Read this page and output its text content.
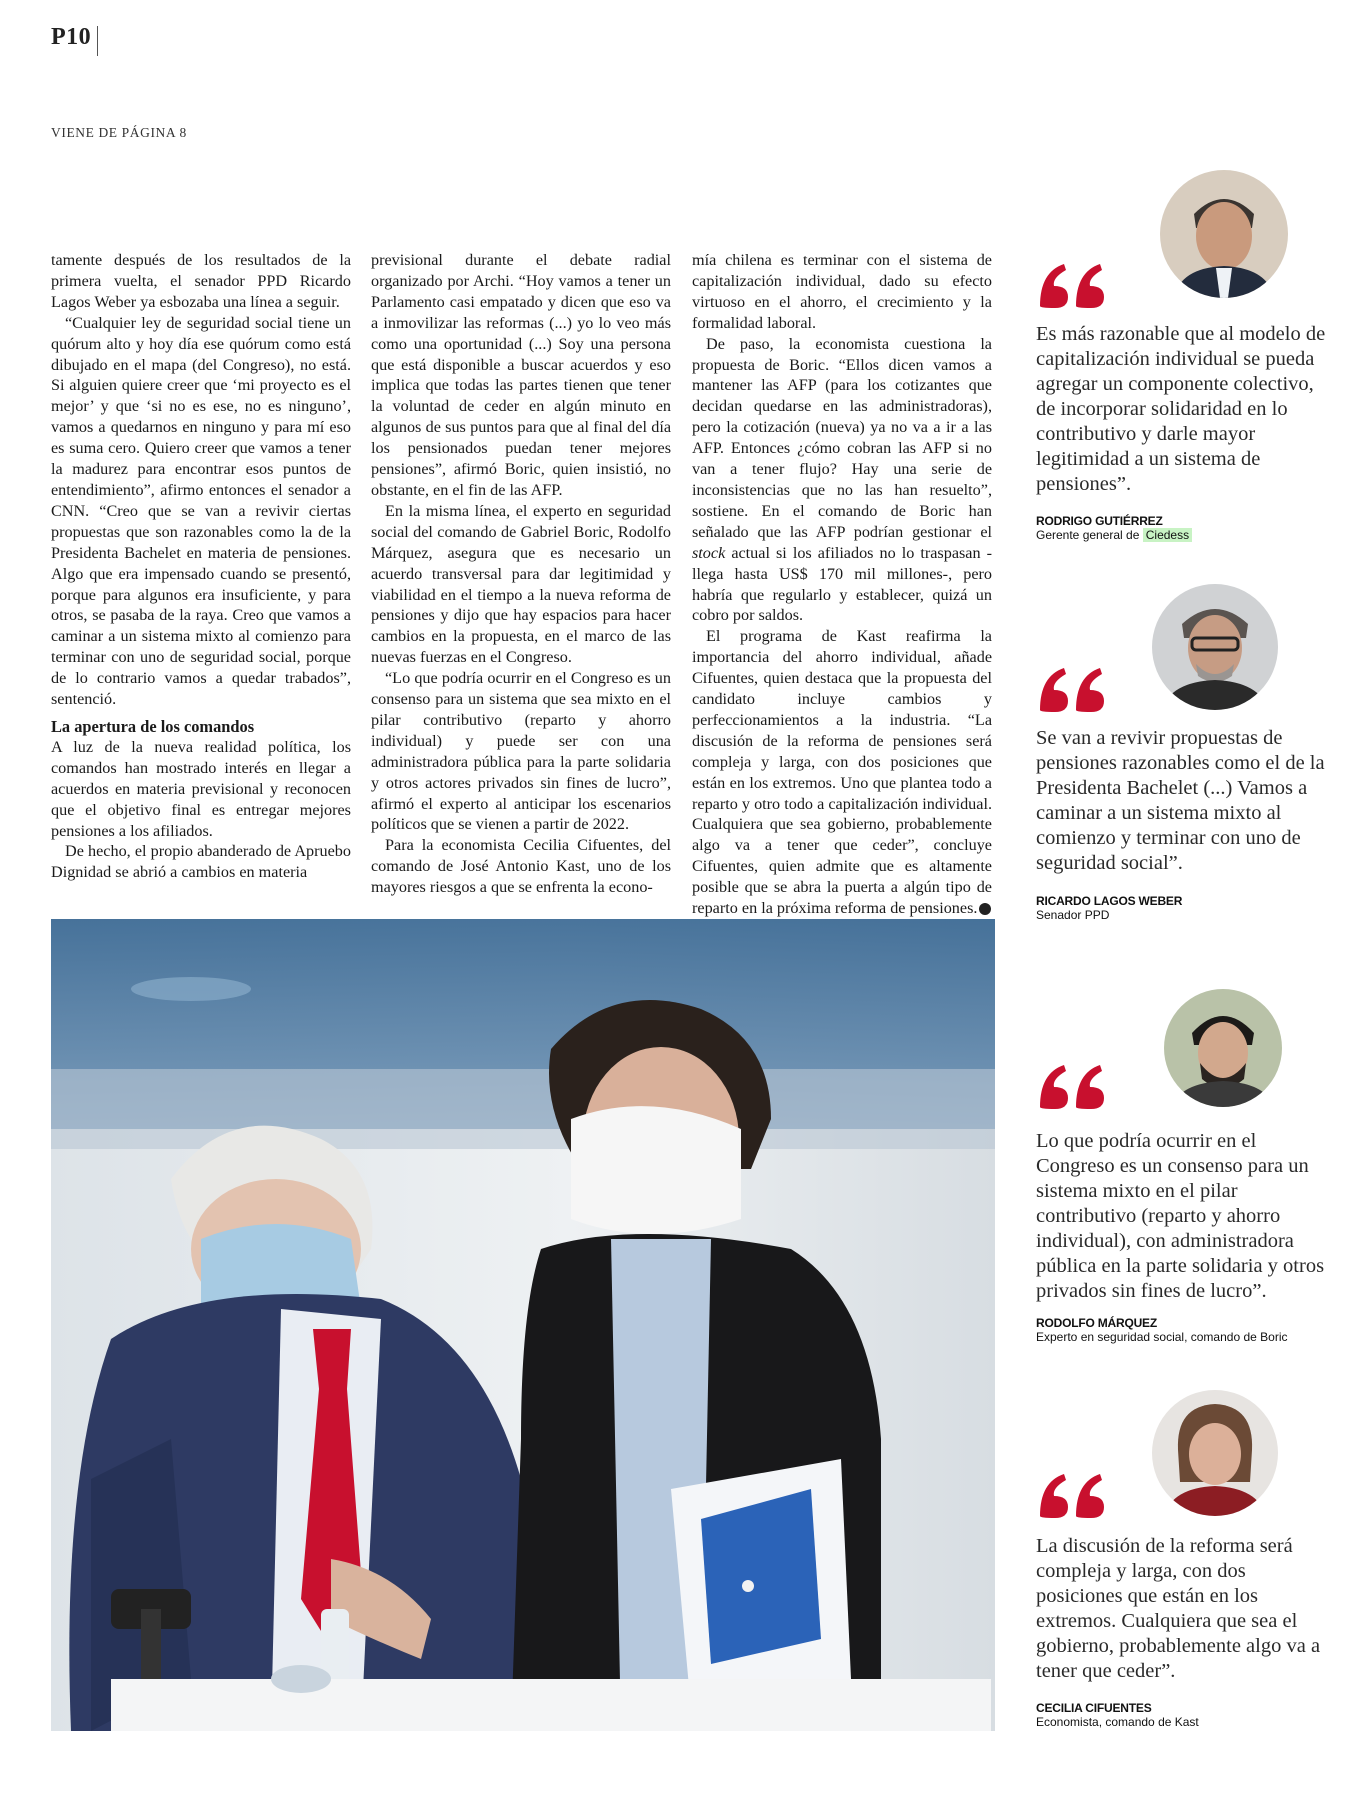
P10
VIENE DE PÁGINA 8

tamente después de los resultados de la primera vuelta, el senador PPD Ricardo Lagos Weber ya esbozaba una línea a seguir.

“Cualquier ley de seguridad social tiene un quórum alto y hoy día ese quórum como está dibujado en el mapa (del Congreso), no está. Si alguien quiere creer que ‘mi proyecto es el mejor’ y que ‘si no es ese, no es ninguno’, vamos a quedarnos en ninguno y para mí eso es suma cero. Quiero creer que vamos a tener la madurez para encontrar esos puntos de entendimiento”, afirmo entonces el senador a CNN. “Creo que se van a revivir ciertas propuestas que son razonables como la de la Presidenta Bachelet en materia de pensiones. Algo que era impensado cuando se presentó, porque para algunos era insuficiente, y para otros, se pasaba de la raya. Creo que vamos a caminar a un sistema mixto al comienzo para terminar con uno de seguridad social, porque de lo contrario vamos a quedar trabados”, sentenció.

La apertura de los comandos

A luz de la nueva realidad política, los comandos han mostrado interés en llegar a acuerdos en materia previsional y reconocen que el objetivo final es entregar mejores pensiones a los afiliados.

De hecho, el propio abanderado de Apruebo Dignidad se abrió a cambios en materia

previsional durante el debate radial organizado por Archi. “Hoy vamos a tener un Parlamento casi empatado y dicen que eso va a inmovilizar las reformas (...) yo lo veo más como una oportunidad (...) Soy una persona que está disponible a buscar acuerdos y eso implica que todas las partes tienen que tener la voluntad de ceder en algún minuto en algunos de sus puntos para que al final del día los pensionados puedan tener mejores pensiones”, afirmó Boric, quien insistió, no obstante, en el fin de las AFP.

En la misma línea, el experto en seguridad social del comando de Gabriel Boric, Rodolfo Márquez, asegura que es necesario un acuerdo transversal para dar legitimidad y viabilidad en el tiempo a la nueva reforma de pensiones y dijo que hay espacios para hacer cambios en la propuesta, en el marco de las nuevas fuerzas en el Congreso.

“Lo que podría ocurrir en el Congreso es un consenso para un sistema que sea mixto en el pilar contributivo (reparto y ahorro individual) y puede ser con una administradora pública para la parte solidaria y otros actores privados sin fines de lucro”, afirmó el experto al anticipar los escenarios políticos que se vienen a partir de 2022.

Para la economista Cecilia Cifuentes, del comando de José Antonio Kast, uno de los mayores riesgos a que se enfrenta la econo-

mía chilena es terminar con el sistema de capitalización individual, dado su efecto virtuoso en el ahorro, el crecimiento y la formalidad laboral.

De paso, la economista cuestiona la propuesta de Boric. “Ellos dicen vamos a mantener las AFP (para los cotizantes que decidan quedarse en las administradoras), pero la cotización (nueva) ya no va a ir a las AFP. Entonces ¿cómo cobran las AFP si no van a tener flujo? Hay una serie de inconsistencias que no las han resuelto”, sostiene. En el comando de Boric han señalado que las AFP podrían gestionar el stock actual si los afiliados no lo traspasan -llega hasta US$ 170 mil millones-, pero habría que regularlo y establecer, quizá un cobro por saldos.

El programa de Kast reafirma la importancia del ahorro individual, añade Cifuentes, quien destaca que la propuesta del candidato incluye cambios y perfeccionamientos a la industria. “La discusión de la reforma de pensiones será compleja y larga, con dos posiciones que están en los extremos. Uno que plantea todo a reparto y otro todo a capitalización individual. Cualquiera que sea gobierno, probablemente algo va a tener que ceder”, concluye Cifuentes, quien admite que es altamente posible que se abra la puerta a algún tipo de reparto en la próxima reforma de pensiones. P

Es más razonable que al modelo de capitalización individual se pueda agregar un componente colectivo, de incorporar solidaridad en lo contributivo y darle mayor legitimidad a un sistema de pensiones”.
RODRIGO GUTIÉRREZ
Gerente general de Ciedess
Se van a revivir propuestas de pensiones razonables como el de la Presidenta Bachelet (...) Vamos a caminar a un sistema mixto al comienzo y terminar con uno de seguridad social”.
RICARDO LAGOS WEBER
Senador PPD
Lo que podría ocurrir en el Congreso es un consenso para un sistema mixto en el pilar contributivo (reparto y ahorro individual), con administradora pública en la parte solidaria y otros privados sin fines de lucro”.
RODOLFO MÁRQUEZ
Experto en seguridad social, comando de Boric
La discusión de la reforma será compleja y larga, con dos posiciones que están en los extremos. Cualquiera que sea el gobierno, probablemente algo va a tener que ceder”.
CECILIA CIFUENTES
Economista, comando de Kast
